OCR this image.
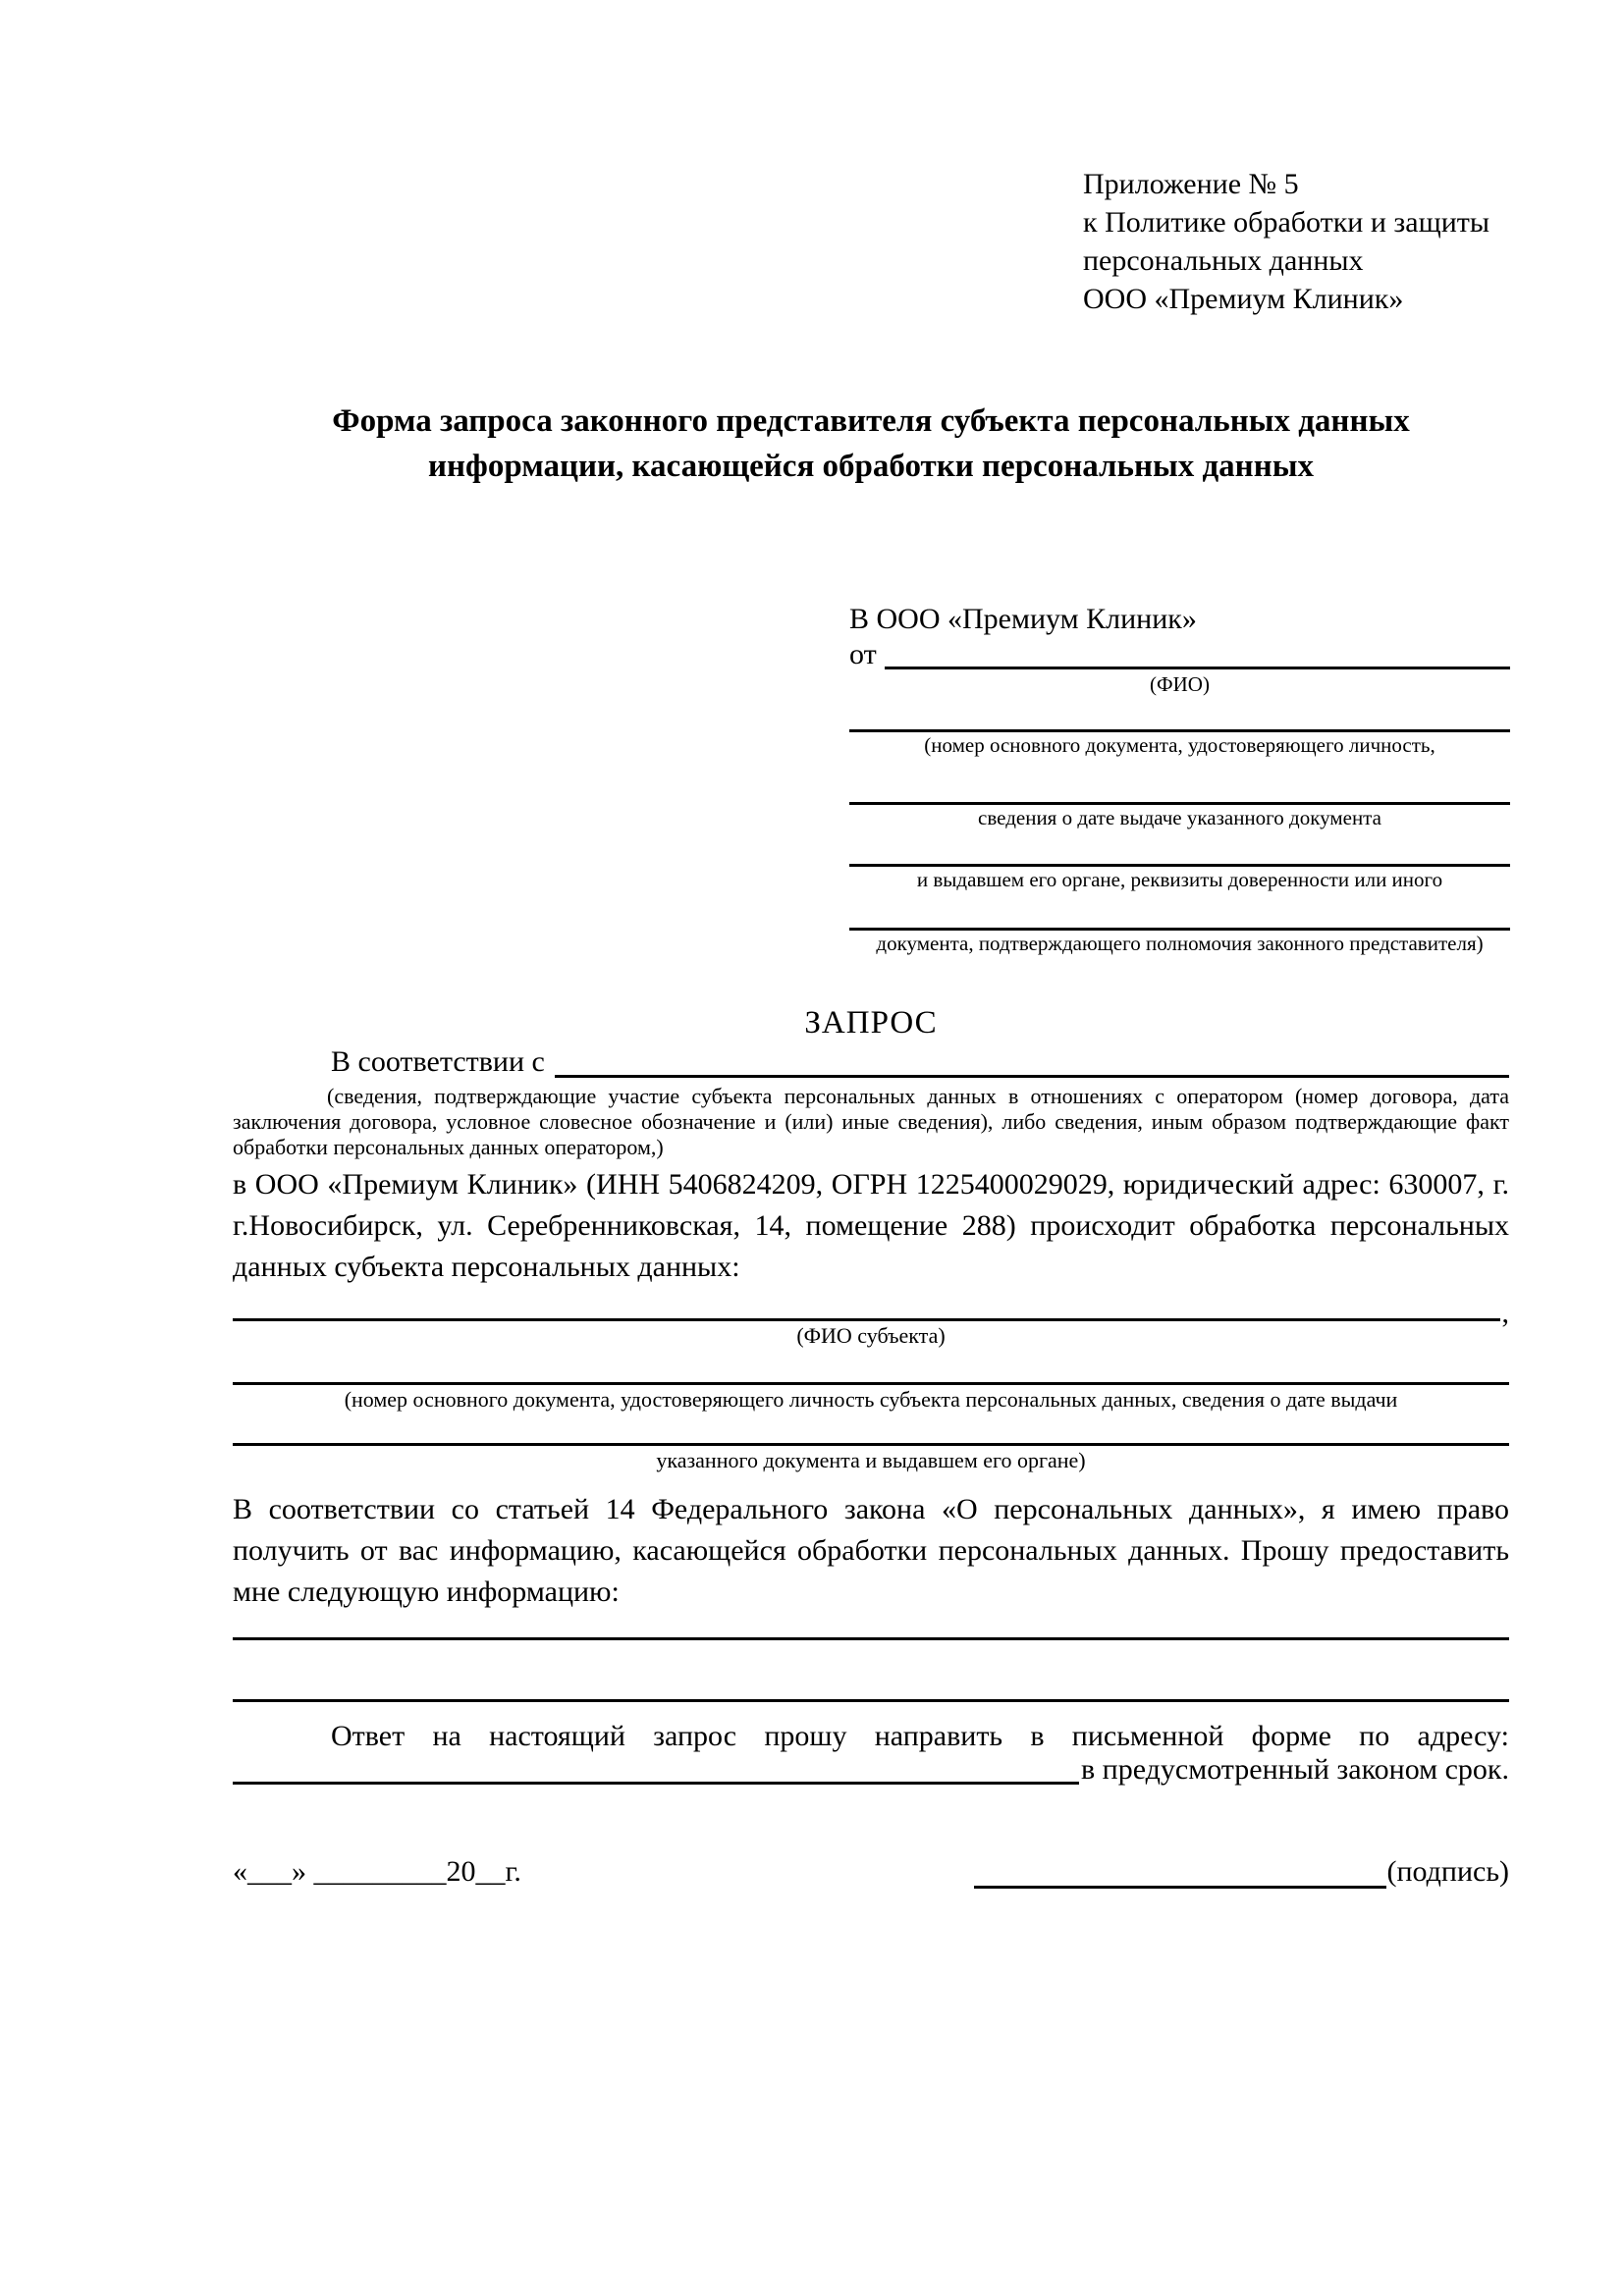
Приложение № 5
к Политике обработки и защиты
персональных данных
ООО «Премиум Клиник»
Форма запроса законного представителя субъекта персональных данных
информации, касающейся обработки персональных данных
В ООО «Премиум Клиник»
от
(ФИО)
(номер основного документа, удостоверяющего личность,
сведения о дате выдаче указанного документа
и выдавшем его органе, реквизиты доверенности или иного
документа, подтверждающего полномочия законного представителя)
ЗАПРОС
В соответствии с
(сведения, подтверждающие участие субъекта персональных данных в отношениях с оператором (номер договора, дата заключения договора, условное словесное обозначение и (или) иные сведения), либо сведения, иным образом подтверждающие факт обработки персональных данных оператором,)
в ООО «Премиум Клиник» (ИНН 5406824209, ОГРН 1225400029029, юридический адрес: 630007, г. г.Новосибирск, ул. Серебренниковская, 14, помещение 288) происходит обработка персональных данных субъекта персональных данных:
,
(ФИО субъекта)
(номер основного документа, удостоверяющего личность субъекта персональных данных, сведения о дате выдачи
указанного документа и выдавшем его органе)
В соответствии со статьей 14 Федерального закона «О персональных данных», я имею право получить от вас информацию, касающейся обработки персональных данных. Прошу предоставить мне следующую информацию:
Ответ на настоящий запрос прошу направить в письменной форме по адресу:
в предусмотренный законом срок.
«___» _________20__г.	(подпись)
